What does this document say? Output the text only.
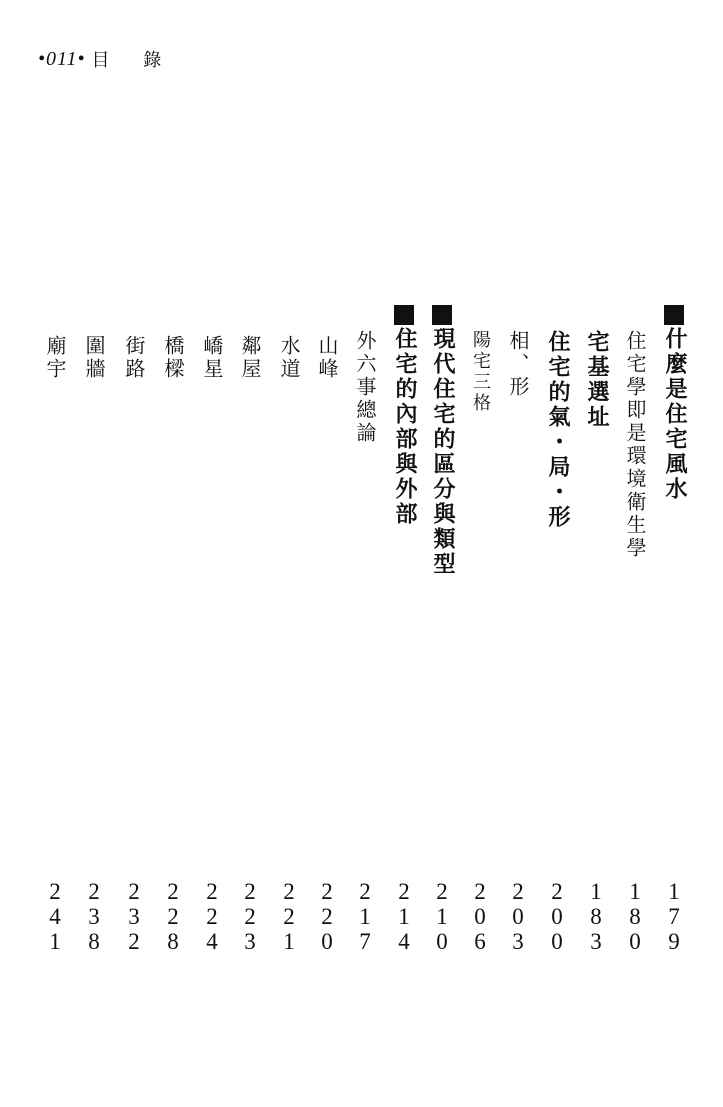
•011• 目 錄
什麼是住宅風水
1
7
9
住宅學即是環境衛生學
1
8
0
宅基選址
1
8
3
住宅的氣・局・形
2
0
0
相、形
2
0
3
陽宅三格
2
0
6
現代住宅的區分與類型
2
1
0
住宅的內部與外部
2
1
4
外六事總論
2
1
7
山峰
2
2
0
水道
2
2
1
鄰屋
2
2
3
嶠星
2
2
4
橋樑
2
2
8
街路
2
3
2
圍牆
2
3
8
廟宇
2
4
1
